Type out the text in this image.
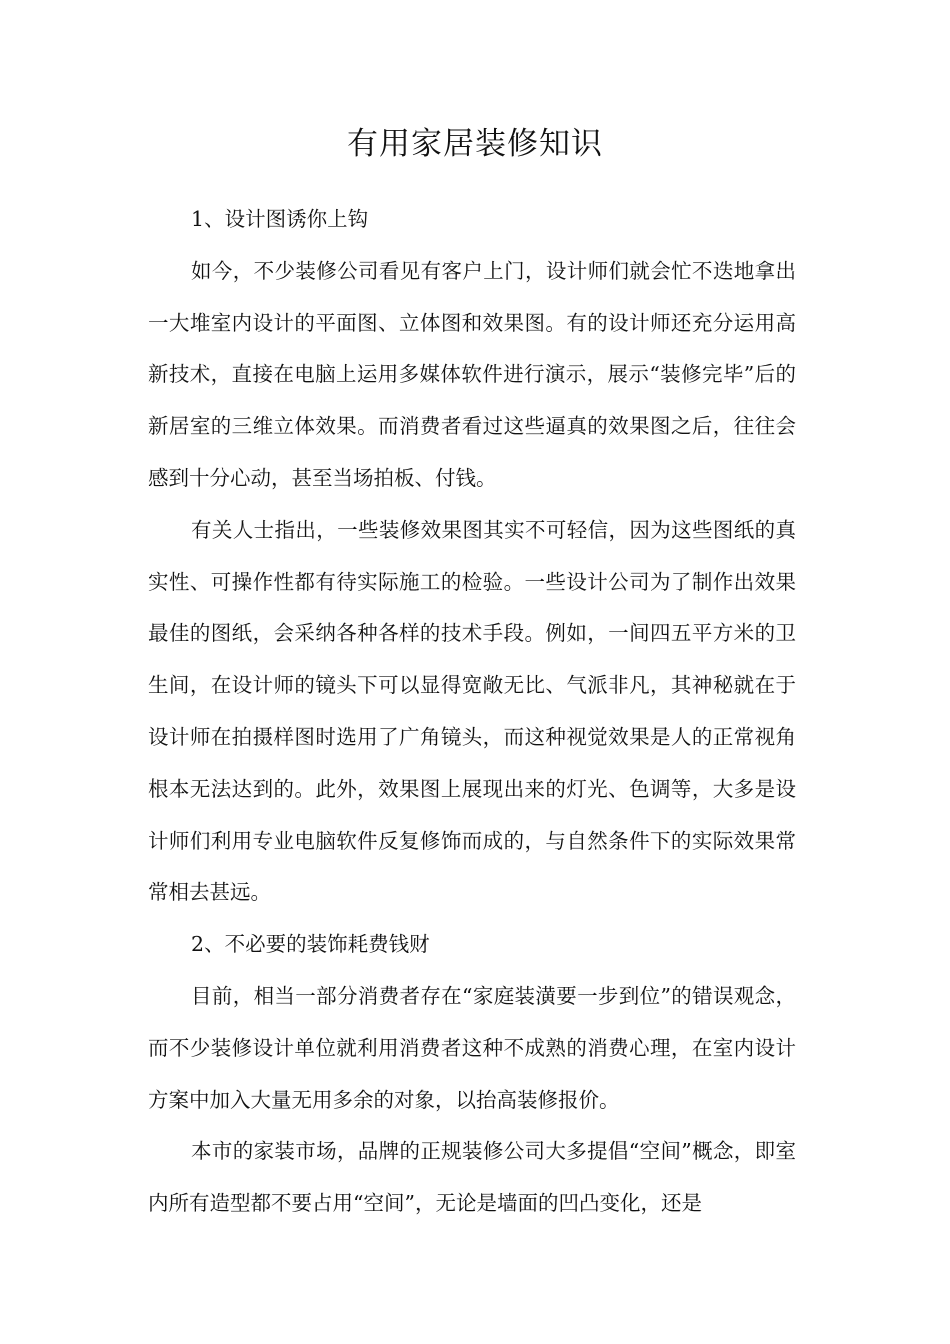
有用家居装修知识

1、设计图诱你上钩

如今，不少装修公司看见有客户上门，设计师们就会忙不迭地拿出一大堆室内设计的平面图、立体图和效果图。有的设计师还充分运用高新技术，直接在电脑上运用多媒体软件进行演示，展示“装修完毕”后的新居室的三维立体效果。而消费者看过这些逼真的效果图之后，往往会感到十分心动，甚至当场拍板、付钱。

有关人士指出，一些装修效果图其实不可轻信，因为这些图纸的真实性、可操作性都有待实际施工的检验。一些设计公司为了制作出效果最佳的图纸，会采纳各种各样的技术手段。例如，一间四五平方米的卫生间，在设计师的镜头下可以显得宽敞无比、气派非凡，其神秘就在于设计师在拍摄样图时选用了广角镜头，而这种视觉效果是人的正常视角根本无法达到的。此外，效果图上展现出来的灯光、色调等，大多是设计师们利用专业电脑软件反复修饰而成的，与自然条件下的实际效果常常相去甚远。

2、不必要的装饰耗费钱财

目前，相当一部分消费者存在“家庭装潢要一步到位”的错误观念，而不少装修设计单位就利用消费者这种不成熟的消费心理，在室内设计方案中加入大量无用多余的对象，以抬高装修报价。

本市的家装市场，品牌的正规装修公司大多提倡“空间”概念，即室内所有造型都不要占用“空间”，无论是墙面的凹凸变化，还是
